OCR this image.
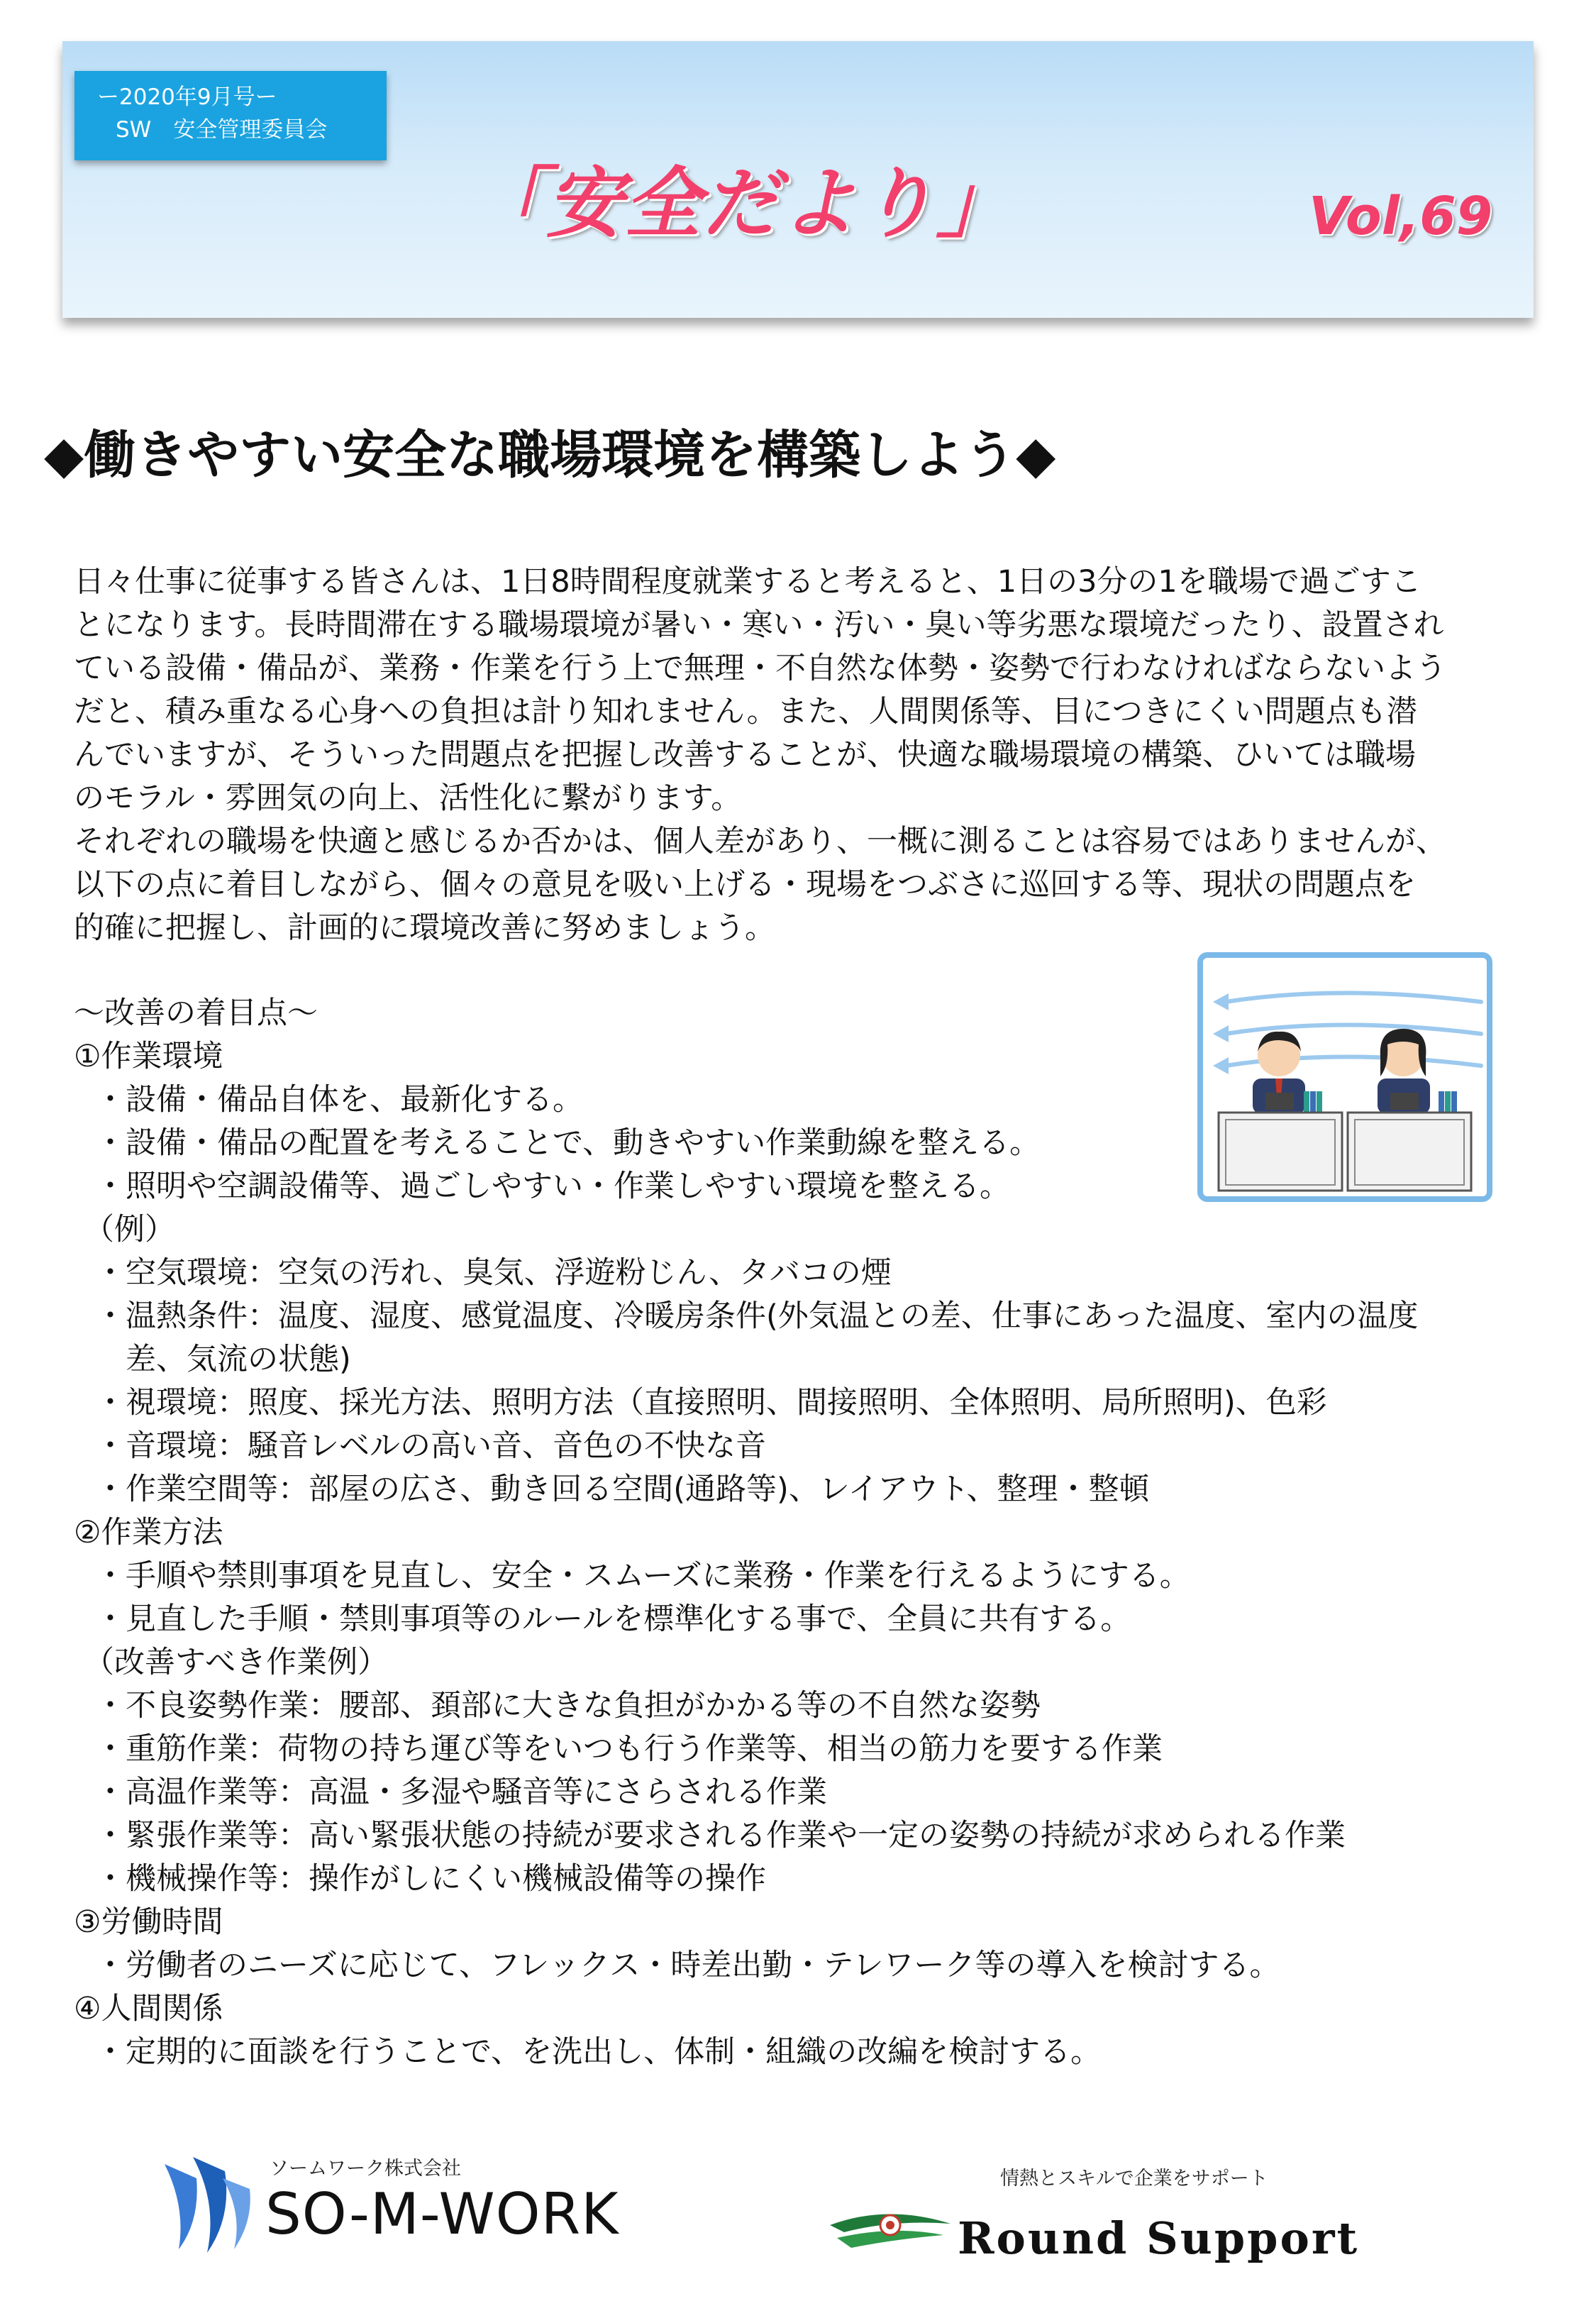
ー2020年9月号ー
SW　安全管理委員会
「安全だより」	Vol,69
◆働きやすい安全な職場環境を構築しよう◆
日々仕事に従事する皆さんは、1日8時間程度就業すると考えると、1日の3分の1を職場で過ごすこ
とになります。長時間滞在する職場環境が暑い・寒い・汚い・臭い等劣悪な環境だったり、設置され
ている設備・備品が、業務・作業を行う上で無理・不自然な体勢・姿勢で行わなければならないよう
だと、積み重なる心身への負担は計り知れません。また、人間関係等、目につきにくい問題点も潜
んでいますが、そういった問題点を把握し改善することが、快適な職場環境の構築、ひいては職場
のモラル・雰囲気の向上、活性化に繋がります。
それぞれの職場を快適と感じるか否かは、個人差があり、一概に測ることは容易ではありませんが、
以下の点に着目しながら、個々の意見を吸い上げる・現場をつぶさに巡回する等、現状の問題点を
的確に把握し、計画的に環境改善に努めましょう。
～改善の着目点～
①作業環境
・設備・備品自体を、最新化する。
・設備・備品の配置を考えることで、動きやすい作業動線を整える。
・照明や空調設備等、過ごしやすい・作業しやすい環境を整える。
（例）
・空気環境：空気の汚れ、臭気、浮遊粉じん、タバコの煙
・温熱条件：温度、湿度、感覚温度、冷暖房条件(外気温との差、仕事にあった温度、室内の温度
　差、気流の状態)
・視環境：照度、採光方法、照明方法（直接照明、間接照明、全体照明、局所照明)、色彩
・音環境：騒音レベルの高い音、音色の不快な音
・作業空間等：部屋の広さ、動き回る空間(通路等)、レイアウト、整理・整頓
②作業方法
・手順や禁則事項を見直し、安全・スムーズに業務・作業を行えるようにする。
・見直した手順・禁則事項等のルールを標準化する事で、全員に共有する。
（改善すべき作業例）
・不良姿勢作業：腰部、頚部に大きな負担がかかる等の不自然な姿勢
・重筋作業：荷物の持ち運び等をいつも行う作業等、相当の筋力を要する作業
・高温作業等：高温・多湿や騒音等にさらされる作業
・緊張作業等：高い緊張状態の持続が要求される作業や一定の姿勢の持続が求められる作業
・機械操作等：操作がしにくい機械設備等の操作
③労働時間
・労働者のニーズに応じて、フレックス・時差出勤・テレワーク等の導入を検討する。
④人間関係
・定期的に面談を行うことで、を洗出し、体制・組織の改編を検討する。
ソームワーク株式会社
SO-M-WORK
情熱とスキルで企業をサポート
Round Support
